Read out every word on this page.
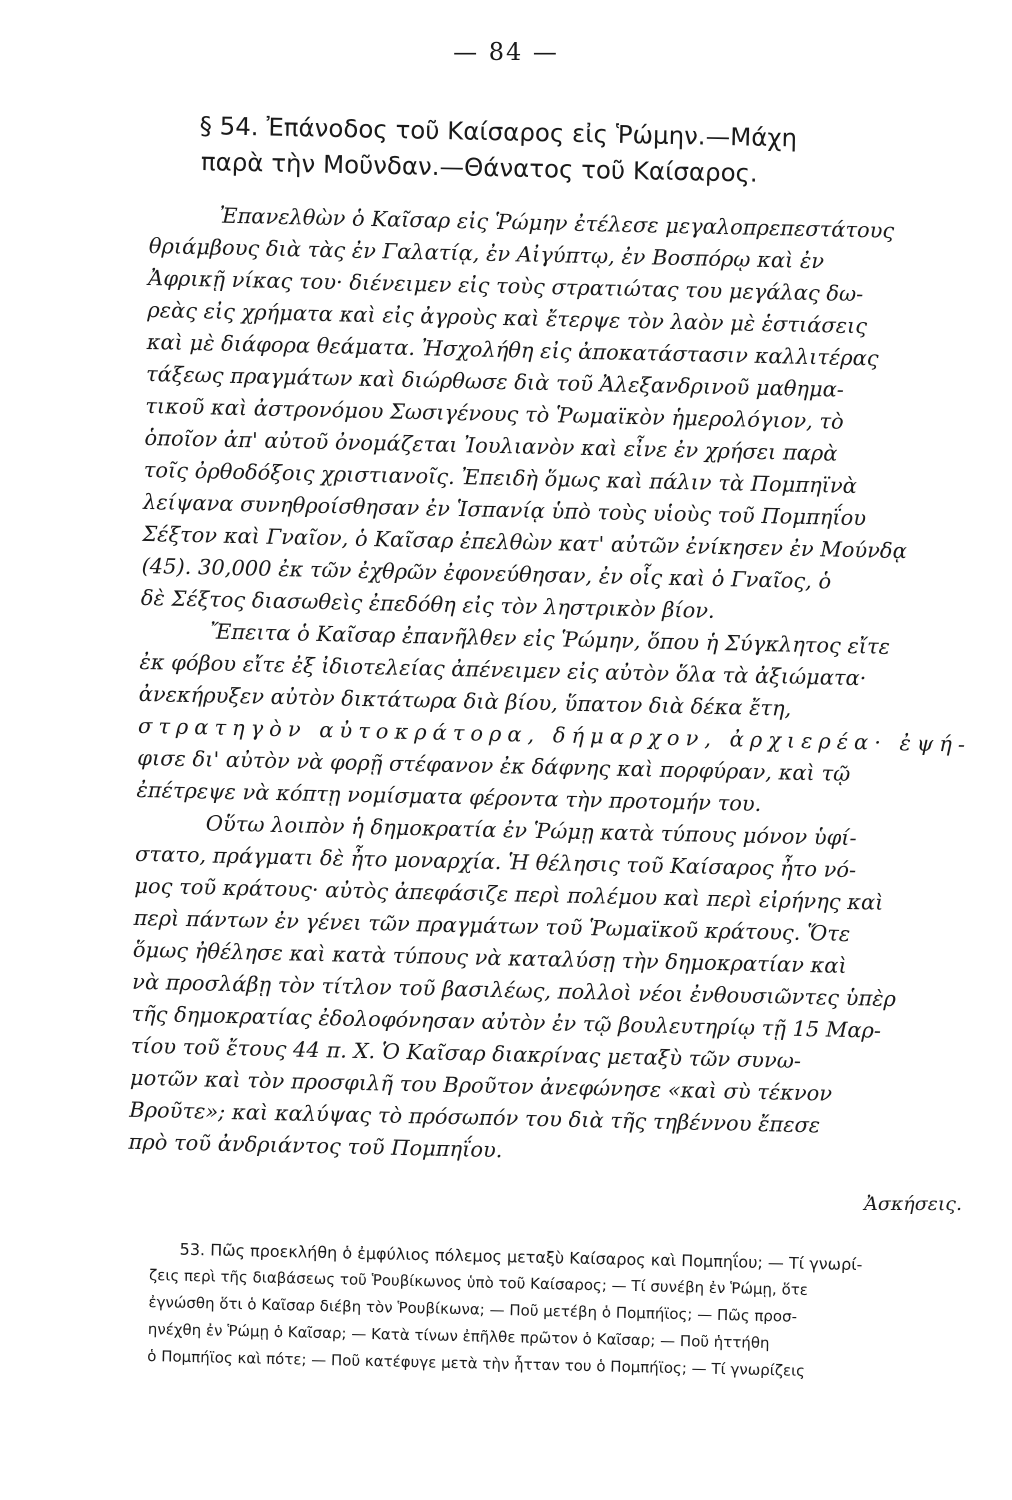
— 84 —
§ 54. Ἐπάνοδος τοῦ Καίσαρος εἰς Ῥώμην.—Μάχη
παρὰ τὴν Μοῦνδαν.—Θάνατος τοῦ Καίσαρος.
Ἐπανελθὼν ὁ Καῖσαρ εἰς Ῥώμην ἐτέλεσε μεγαλοπρεπεστάτους
θριάμβους διὰ τὰς ἐν Γαλατίᾳ, ἐν Αἰγύπτῳ, ἐν Βοσπόρῳ καὶ ἐν
Ἀφρικῇ νίκας του· διένειμεν εἰς τοὺς στρατιώτας του μεγάλας δω-
ρεὰς εἰς χρήματα καὶ εἰς ἀγροὺς καὶ ἔτερψε τὸν λαὸν μὲ ἑστιάσεις
καὶ μὲ διάφορα θεάματα. Ἠσχολήθη εἰς ἀποκατάστασιν καλλιτέρας
τάξεως πραγμάτων καὶ διώρθωσε διὰ τοῦ Ἀλεξανδρινοῦ μαθημα-
τικοῦ καὶ ἀστρονόμου Σωσιγένους τὸ Ῥωμαϊκὸν ἡμερολόγιον, τὸ
ὁποῖον ἀπ' αὐτοῦ ὀνομάζεται Ἰουλιανὸν καὶ εἶνε ἐν χρήσει παρὰ
τοῖς ὀρθοδόξοις χριστιανοῖς. Ἐπειδὴ ὅμως καὶ πάλιν τὰ Πομπηϊνὰ
λείψανα συνηθροίσθησαν ἐν Ἱσπανίᾳ ὑπὸ τοὺς υἱοὺς τοῦ Πομπηΐου
Σέξτον καὶ Γναῖον, ὁ Καῖσαρ ἐπελθὼν κατ' αὐτῶν ἐνίκησεν ἐν Μούνδᾳ
(45). 30,000 ἐκ τῶν ἐχθρῶν ἐφονεύθησαν, ἐν οἷς καὶ ὁ Γναῖος, ὁ
δὲ Σέξτος διασωθεὶς ἐπεδόθη εἰς τὸν ληστρικὸν βίον.
Ἔπειτα ὁ Καῖσαρ ἐπανῆλθεν εἰς Ῥώμην, ὅπου ἡ Σύγκλητος εἴτε
ἐκ φόβου εἴτε ἐξ ἰδιοτελείας ἀπένειμεν εἰς αὐτὸν ὅλα τὰ ἀξιώματα·
ἀνεκήρυξεν αὐτὸν δικτάτωρα διὰ βίου, ὕπατον διὰ δέκα ἔτη,
στρατηγὸν αὐτοκράτορα, δήμαρχον, ἀρχιερέα· ἐψή-
φισε δι' αὐτὸν νὰ φορῇ στέφανον ἐκ δάφνης καὶ πορφύραν, καὶ τῷ
ἐπέτρεψε νὰ κόπτῃ νομίσματα φέροντα τὴν προτομήν του.
Οὕτω λοιπὸν ἡ δημοκρατία ἐν Ῥώμῃ κατὰ τύπους μόνον ὑφί-
στατο, πράγματι δὲ ἦτο μοναρχία. Ἡ θέλησις τοῦ Καίσαρος ἦτο νό-
μος τοῦ κράτους· αὐτὸς ἀπεφάσιζε περὶ πολέμου καὶ περὶ εἰρήνης καὶ
περὶ πάντων ἐν γένει τῶν πραγμάτων τοῦ Ῥωμαϊκοῦ κράτους. Ὅτε
ὅμως ἠθέλησε καὶ κατὰ τύπους νὰ καταλύσῃ τὴν δημοκρατίαν καὶ
νὰ προσλάβῃ τὸν τίτλον τοῦ βασιλέως, πολλοὶ νέοι ἐνθουσιῶντες ὑπὲρ
τῆς δημοκρατίας ἐδολοφόνησαν αὐτὸν ἐν τῷ βουλευτηρίῳ τῇ 15 Μαρ-
τίου τοῦ ἔτους 44 π. Χ. Ὁ Καῖσαρ διακρίνας μεταξὺ τῶν συνω-
μοτῶν καὶ τὸν προσφιλῆ του Βροῦτον ἀνεφώνησε «καὶ σὺ τέκνον
Βροῦτε»; καὶ καλύψας τὸ πρόσωπόν του διὰ τῆς τηβέννου ἔπεσε
πρὸ τοῦ ἀνδριάντος τοῦ Πομπηΐου.
Ἀσκήσεις.
53. Πῶς προεκλήθη ὁ ἐμφύλιος πόλεμος μεταξὺ Καίσαρος καὶ Πομπηΐου; — Τί γνωρί-
ζεις περὶ τῆς διαβάσεως τοῦ Ῥουβίκωνος ὑπὸ τοῦ Καίσαρος; — Τί συνέβη ἐν Ῥώμῃ, ὅτε
ἐγνώσθη ὅτι ὁ Καῖσαρ διέβη τὸν Ῥουβίκωνα; — Ποῦ μετέβη ὁ Πομπήϊος; — Πῶς προσ-
ηνέχθη ἐν Ῥώμῃ ὁ Καῖσαρ; — Κατὰ τίνων ἐπῆλθε πρῶτον ὁ Καῖσαρ; — Ποῦ ἡττήθη
ὁ Πομπήϊος καὶ πότε; — Ποῦ κατέφυγε μετὰ τὴν ἧτταν του ὁ Πομπήϊος; — Τί γνωρίζεις
